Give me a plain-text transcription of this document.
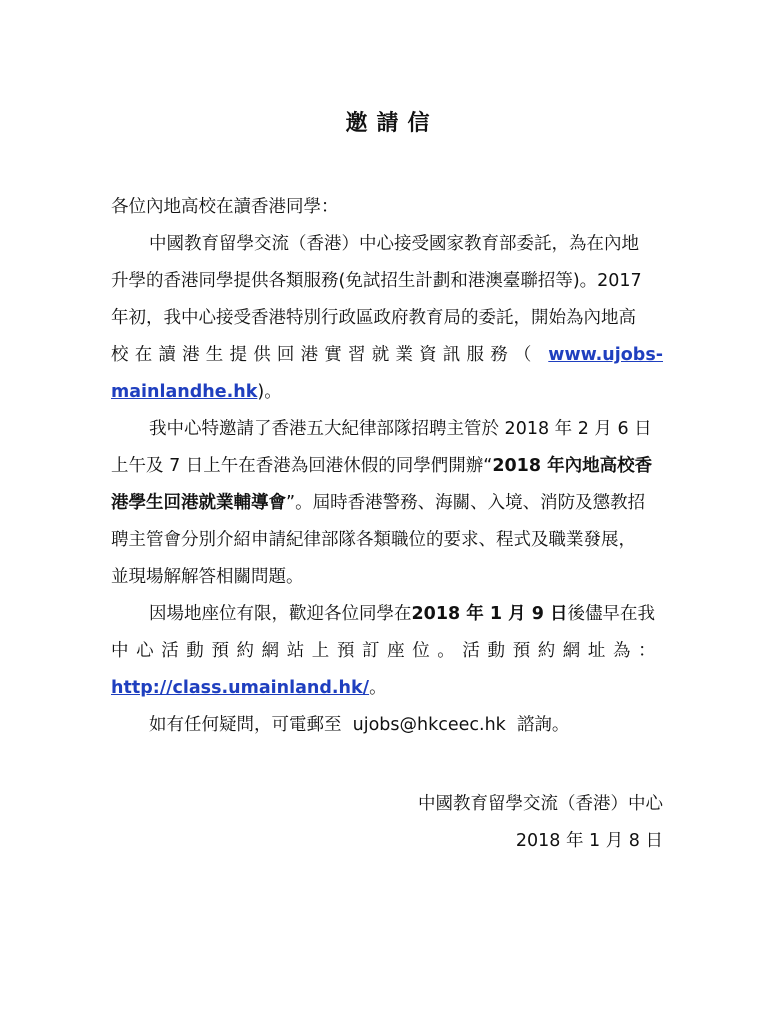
邀請信
各位內地高校在讀香港同學：
中國教育留學交流（香港）中心接受國家教育部委託，為在內地
升學的香港同學提供各類服務(免試招生計劃和港澳臺聯招等)。2017
年初，我中心接受香港特別行政區政府教育局的委託，開始為內地高
校在讀港生提供回港實習就業資訊服務（ www.ujobs-
mainlandhe.hk)。
我中心特邀請了香港五大紀律部隊招聘主管於 2018 年 2 月 6 日
上午及 7 日上午在香港為回港休假的同學們開辦“2018 年內地高校香
港學生回港就業輔導會”。屆時香港警務、海關、入境、消防及懲教招
聘主管會分別介紹申請紀律部隊各類職位的要求、程式及職業發展，
並現場解解答相關問題。
因場地座位有限，歡迎各位同學在2018 年 1 月 9 日後儘早在我
中心活動預約網站上預訂座位。活動預約網址為：
http://class.umainland.hk/。
如有任何疑問，可電郵至  ujobs@hkceec.hk  諮詢。
中國教育留學交流（香港）中心
2018 年 1 月 8 日
